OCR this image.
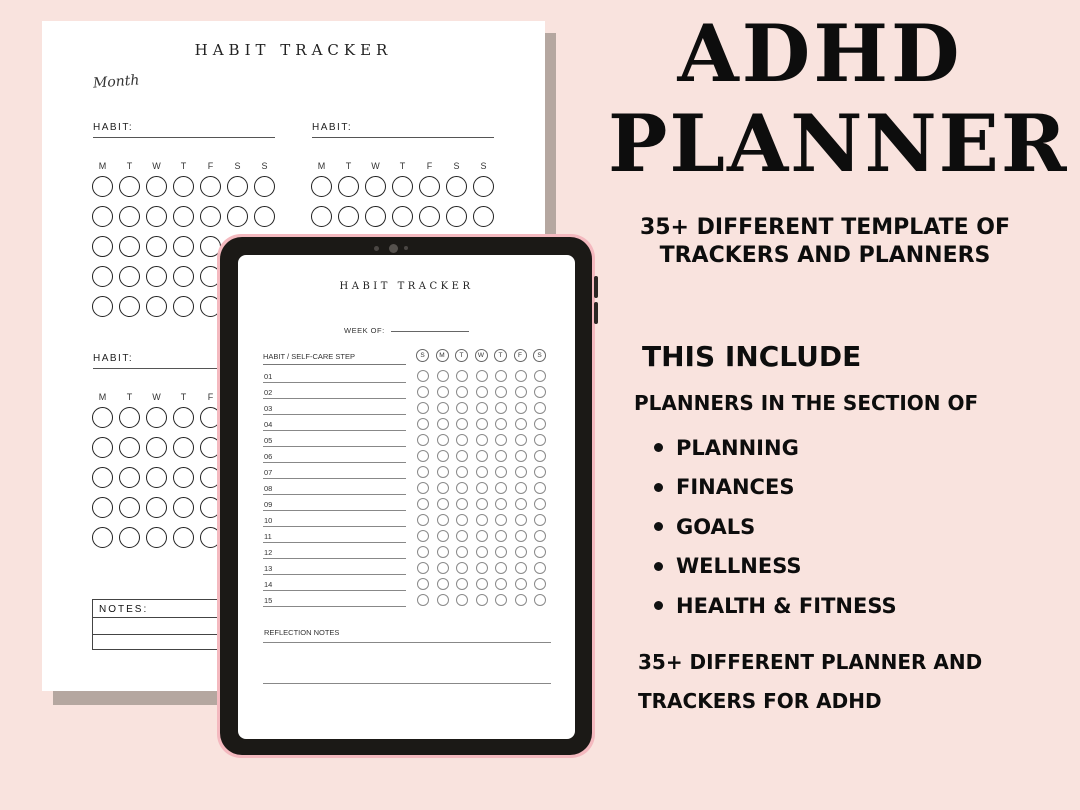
HABIT TRACKER
Month
HABIT:
M	T	W	T	F	S	S
HABIT:
M	T	W	T	F	S	S
HABIT:
M	T	W	T	F
NOTES:
HABIT TRACKER
WEEK OF:
HABIT / SELF-CARE STEP	S	M	T	W	T	F	S
01
02
03
04
05
06
07
08
09
10
11
12
13
14
15
REFLECTION NOTES
ADHD
PLANNER
35+ DIFFERENT TEMPLATE OF
TRACKERS AND PLANNERS
THIS INCLUDE
PLANNERS IN THE SECTION OF
PLANNING
FINANCES
GOALS
WELLNESS
HEALTH & FITNESS
35+ DIFFERENT PLANNER AND
TRACKERS FOR ADHD
